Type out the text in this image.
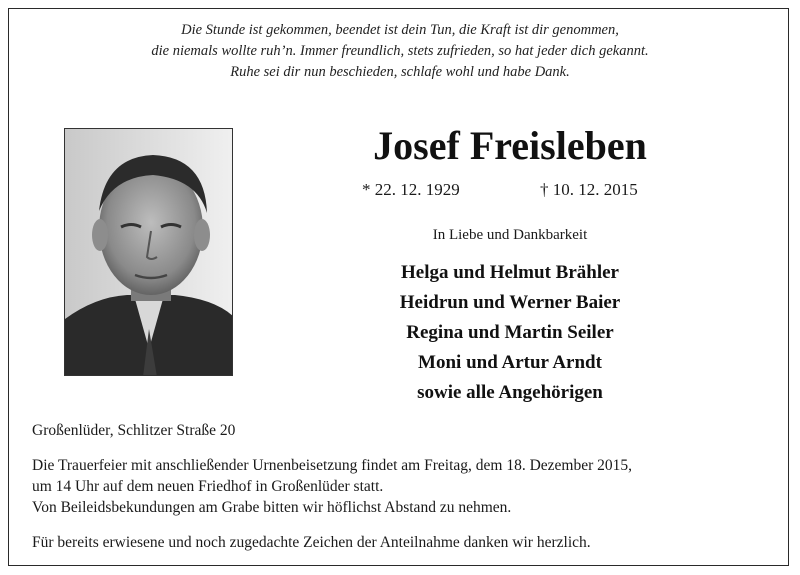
Die Stunde ist gekommen, beendet ist dein Tun, die Kraft ist dir genommen,
die niemals wollte ruh’n. Immer freundlich, stets zufrieden, so hat jeder dich gekannt.
Ruhe sei dir nun beschieden, schlafe wohl und habe Dank.
Josef Freisleben
* 22. 12. 1929	† 10. 12. 2015
In Liebe und Dankbarkeit
Helga und Helmut Brähler
Heidrun und Werner Baier
Regina und Martin Seiler
Moni und Artur Arndt
sowie alle Angehörigen
Großenlüder, Schlitzer Straße 20
Die Trauerfeier mit anschließender Urnenbeisetzung findet am Freitag, dem 18. Dezember 2015,
um 14 Uhr auf dem neuen Friedhof in Großenlüder statt.
Von Beileidsbekundungen am Grabe bitten wir höflichst Abstand zu nehmen.
Für bereits erwiesene und noch zugedachte Zeichen der Anteilnahme danken wir herzlich.
